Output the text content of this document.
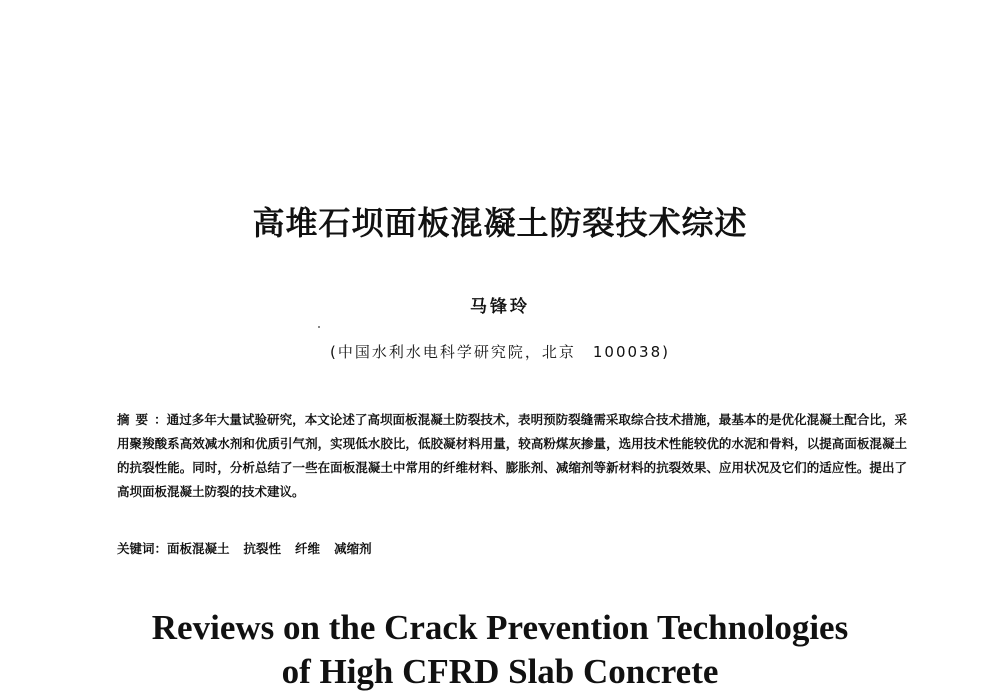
高堆石坝面板混凝土防裂技术综述
马锋玲
(中国水利水电科学研究院，北京　100038)
摘要：通过多年大量试验研究，本文论述了高坝面板混凝土防裂技术，表明预防裂缝需采取综合技术措施，最基本的是优化混凝土配合比，采用聚羧酸系高效减水剂和优质引气剂，实现低水胶比，低胶凝材料用量，较高粉煤灰掺量，选用技术性能较优的水泥和骨料，以提高面板混凝土的抗裂性能。同时，分析总结了一些在面板混凝土中常用的纤维材料、膨胀剂、减缩剂等新材料的抗裂效果、应用状况及它们的适应性。提出了高坝面板混凝土防裂的技术建议。
关键词：面板混凝土 抗裂性 纤维 减缩剂
Reviews on the Crack Prevention Technologies
of High CFRD Slab Concrete
